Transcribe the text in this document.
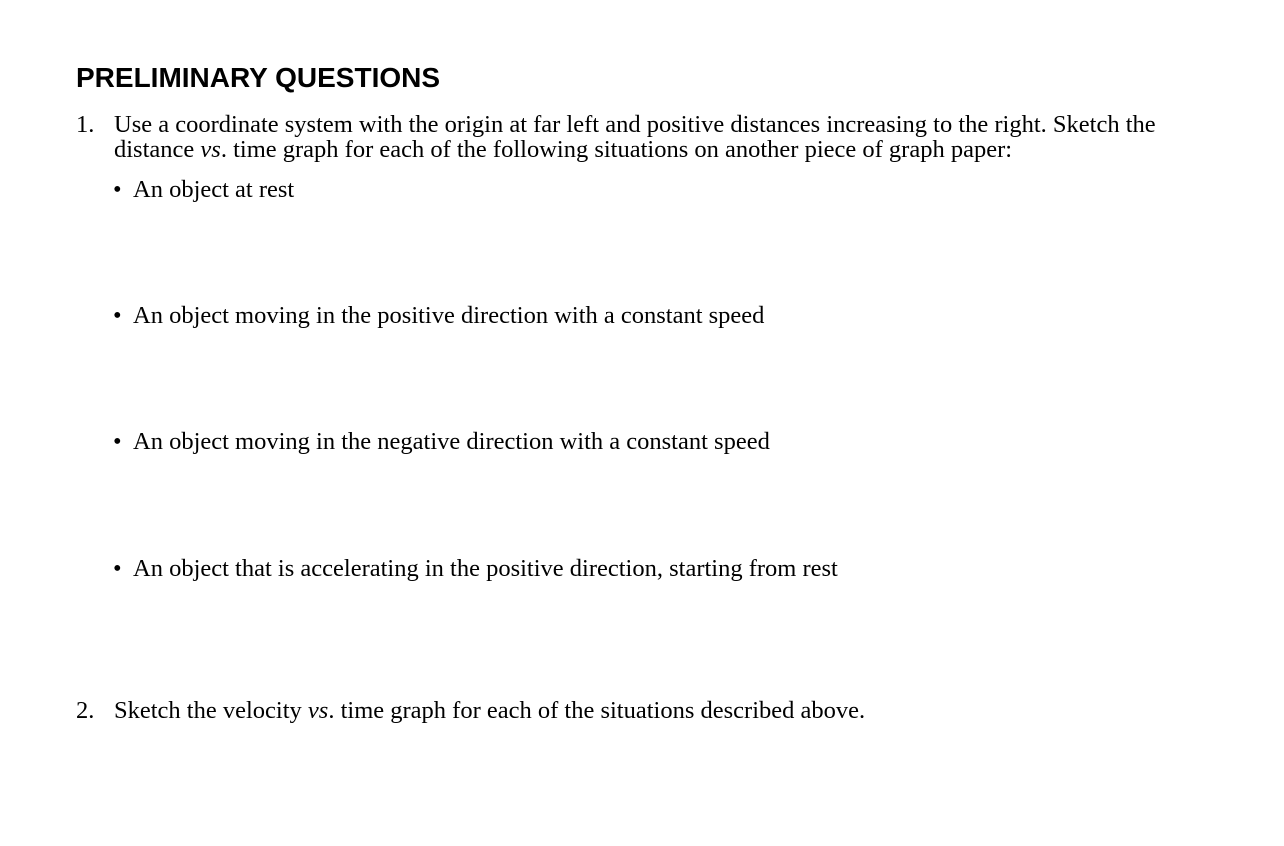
PRELIMINARY QUESTIONS
1. Use a coordinate system with the origin at far left and positive distances increasing to the right. Sketch the distance vs. time graph for each of the following situations on another piece of graph paper:
• An object at rest
• An object moving in the positive direction with a constant speed
• An object moving in the negative direction with a constant speed
• An object that is accelerating in the positive direction, starting from rest
2. Sketch the velocity vs. time graph for each of the situations described above.
